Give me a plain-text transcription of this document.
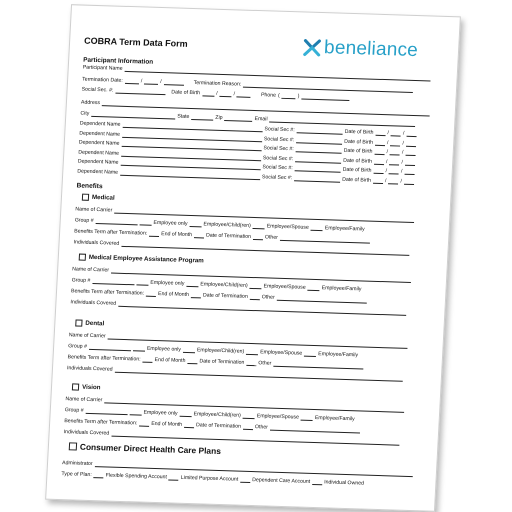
COBRA Term Data Form	beneliance
Participant Information
Participant Name
Termination Date:	/	/	Termination Reason:
Social Sec. #:	Date of Birth	/	/	Phone (	)
Address
City	State	Zip	Email
Dependent Name
Social Sec #:	Date of Birth	/	/
Dependent Name
Social Sec #:	Date of Birth	/	/
Dependent Name
Social Sec #:	Date of Birth	/	/
Dependent Name
Social Sec #:	Date of Birth	/	/
Dependent Name
Social Sec #:	Date of Birth	/	/
Dependent Name
Social Sec #:	Date of Birth	/	/
Benefits
Medical
Name of Carrier
Group #	Employee only	Employee/Child(ren)	Employee/Spouse	Employee/Family
Benefits Term after Termination:	End of Month	Date of Termination	Other
Individuals Covered
Medical Employee Assistance Program
Name of Carrier
Group #	Employee only	Employee/Child(ren)	Employee/Spouse	Employee/Family
Benefits Term after Termination:	End of Month	Date of Termination	Other
Individuals Covered
Dental
Name of Carrier
Group #	Employee only	Employee/Child(ren)	Employee/Spouse	Employee/Family
Benefits Term after Termination:	End of Month	Date of Termination	Other
Individuals Covered
Vision
Name of Carrier
Group #	Employee only	Employee/Child(ren)	Employee/Spouse	Employee/Family
Benefits Term after Termination:	End of Month	Date of Termination	Other
Individuals Covered
Consumer Direct Health Care Plans
Administrator
Type of Plan:	Flexible Spending Account	Limited Purpose Account	Dependent Care Account	Individual Owned
